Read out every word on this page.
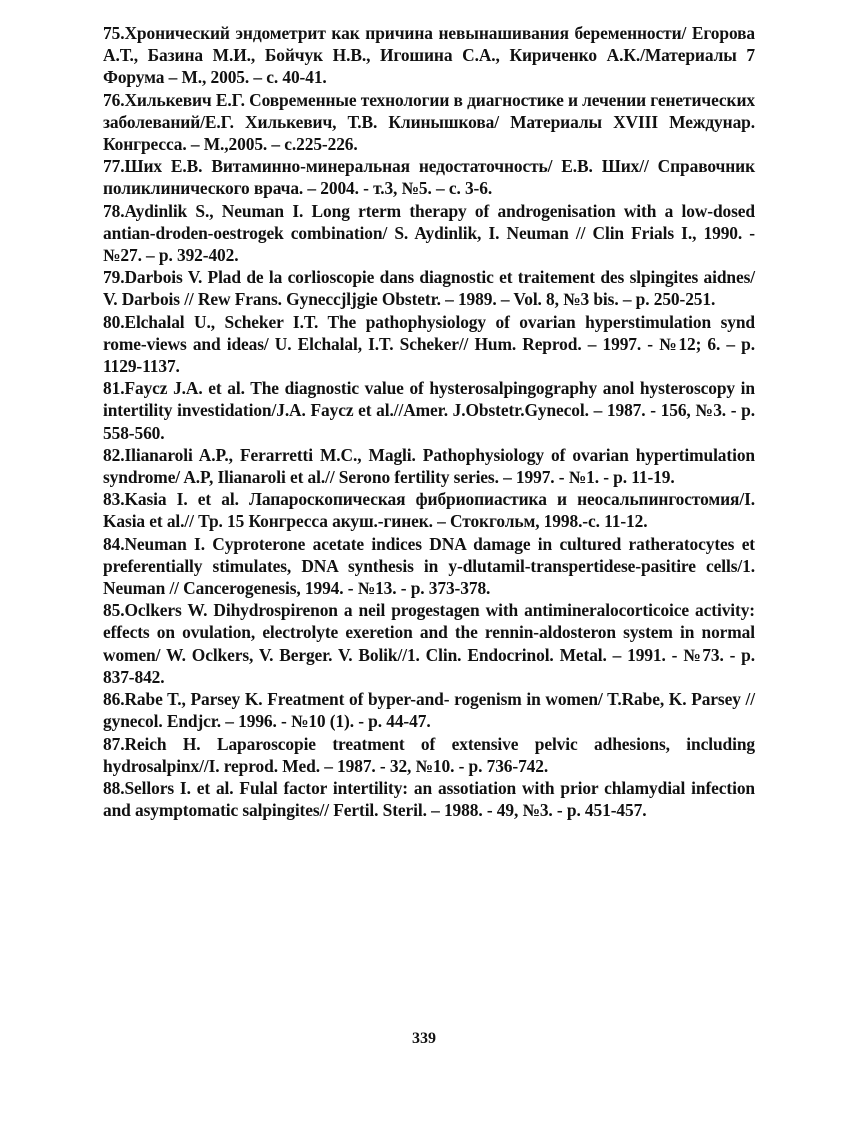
75.Хронический эндометрит как причина невынашивания беременности/ Егорова А.Т., Базина М.И., Бойчук Н.В., Игошина С.А., Кириченко А.К./Материалы 7 Форума – М., 2005. – с. 40-41.
76.Хилькевич Е.Г. Современные технологии в диагностике и лечении генетических заболеваний/Е.Г. Хилькевич, Т.В. Клинышкова/ Материалы XVIII Междунар. Конгресса. – М.,2005. – с.225-226.
77.Ших Е.В. Витаминно-минеральная недостаточность/ Е.В. Ших// Справочник поликлинического врача. – 2004. - т.3, №5. – с. 3-6.
78.Aydinlik S., Neuman I. Long rterm therapy of androgenisation with a low-dosed antian-droden-oestrogek combination/ S. Aydinlik, I. Neuman // Clin Frials I., 1990. - №27. – p. 392-402.
79.Darbois V. Plad de la corlioscopie dans diagnostic et traitement des slpingites aidnes/ V. Darbois // Rew Frans. Gyneccjljgie Obstetr. – 1989. – Vol. 8, №3 bis. – p. 250-251.
80.Elchalal U., Scheker I.T. The pathophysiology of ovarian hyperstimulation synd rome-views and ideas/ U. Elchalal, I.T. Scheker// Hum. Reprod. – 1997. - №12; 6. – p. 1129-1137.
81.Faycz J.A. et al. The diagnostic value of hysterosalpingography anol hysteroscopy in intertility investidation/J.A. Faycz et al.//Amer. J.Obstetr.Gynecol. – 1987. - 156, №3. - p. 558-560.
82.Ilianaroli A.P., Ferarretti M.C., Magli. Pathophysiology of ovarian hypertimulation syndrome/ A.P, Ilianaroli et al.// Serono fertility series. – 1997. - №1. - p. 11-19.
83.Kasia I. et al. Лапароскопическая фибриопиастика и неосальпингостомия/I. Kasia et al.// Тр. 15 Конгресса акуш.-гинек. – Стокгольм, 1998.-с. 11-12.
84.Neuman I. Cyproterone acetate indices DNA damage in cultured ratheratocytes et preferentially stimulates, DNA synthesis in y-dlutamil-transpertidese-pasitire cells/1. Neuman // Cancerogenesis, 1994. - №13. - p. 373-378.
85.Oclkers W. Dihydrospirenon a neil progestagen with antimineralocorticoice activity: effects on ovulation, electrolyte exeretion and the rennin-aldosteron system in normal women/ W. Oclkers, V. Berger. V. Bolik//1. Clin. Endocrinol. Metal. – 1991. - №73. - p. 837-842.
86.Rabe T., Parsey K. Freatment of byper-and- rogenism in women/ T.Rabe, K. Parsey // gynecol. Endjcr. – 1996. - №10 (1). - p. 44-47.
87.Reich H. Laparoscopie treatment of extensive pelvic adhesions, including hydrosalpinx//I. reprod. Med. – 1987. - 32, №10. - p. 736-742.
88.Sellors I. et al. Fulal factor intertility: an assotiation with prior chlamydial infection and asymptomatic salpingites// Fertil. Steril. – 1988. - 49, №3. - p. 451-457.
339
